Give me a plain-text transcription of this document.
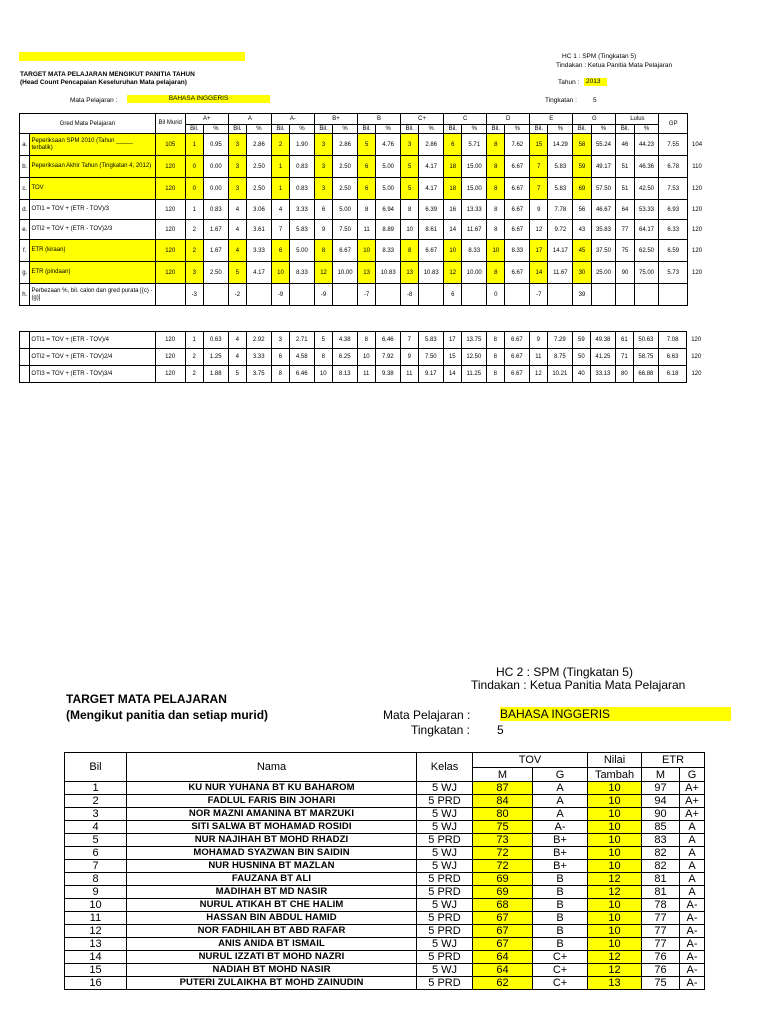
HC 1 : SPM (Tingkatan 5)
Tindakan : Ketua Panitia Mata Pelajaran
TARGET MATA PELAJARAN MENGIKUT PANITIA TAHUN
(Head Count Pencapaian Keseluruhan Mata pelajaran)	Tahun :	2013
Mata Pelajaran :	BAHASA INGGERIS	Tingkatan : 5
Gred Mata Pelajaran		Bil Murid	A+		A		A-		B+		B		C+		C		D		E		G		Lulus		GP	
			Bil.	%	Bil.	%	Bil.	%	Bil.	%	Bil.	%	Bil.	%	Bil.	%	Bil.	%	Bil.	%	Bil.	%	Bil.	%		
a.	Peperiksaan SPM 2010 (Tahun _____ terbalik)	105	1	0.95	3	2.86	2	1.90	3	2.86	5	4.76	3	2.86	6	5.71	8	7.62	15	14.29	58	55.24	46	44.23	7.55	104
b.	Peperiksaan Akhir Tahun (Tingkatan 4, 2012)	120	0	0.00	3	2.50	1	0.83	3	2.50	6	5.00	5	4.17	18	15.00	8	6.67	7	5.83	59	49.17	51	46.36	6.78	110
c.	TOV	120	0	0.00	3	2.50	1	0.83	3	2.50	6	5.00	5	4.17	18	15.00	8	6.67	7	5.83	69	57.50	51	42.50	7.53	120
d.	OTI1 = TOV + (ETR - TOV)/3	120	1	0.83	4	3.06	4	3.33	6	5.00	8	6.94	8	6.39	16	13.33	8	6.67	9	7.78	56	46.67	64	53.33	6.93	120
e.	OTI2 = TOV + (ETR - TOV)2/3	120	2	1.67	4	3.61	7	5.83	9	7.50	11	8.89	10	8.61	14	11.67	8	6.67	12	9.72	43	35.83	77	64.17	6.33	120
f.	ETR (kiraan)	120	2	1.67	4	3.33	6	5.00	8	6.67	10	8.33	8	6.67	10	8.33	10	8.33	17	14.17	45	37.50	75	62.50	6.59	120
g.	ETR (pindaan)	120	3	2.50	5	4.17	10	8.33	12	10.00	13	10.83	13	10.83	12	10.00	8	6.67	14	11.67	30	25.00	90	75.00	5.73	120
h.	Perbezaan %, bil. calon dan gred purata [(c) - (g)]		-3		-2		-9		-9		-7		-8		6		0		-7		39					
	OTI1 = TOV + (ETR - TOV)/4	120	1	0.63	4	2.92	3	2.71	5	4.38	8	6.46	7	5.83	17	13.75	8	6.67	9	7.29	59	49.38	61	50.63	7.08	120
	OTI2 = TOV + (ETR - TOV)2/4	120	2	1.25	4	3.33	6	4.58	8	6.25	10	7.92	9	7.50	15	12.50	8	6.67	11	8.75	50	41.25	71	58.75	6.63	120
	OTI3 = TOV + (ETR - TOV)3/4	120	2	1.88	5	3.75	8	6.46	10	8.13	11	9.38	11	9.17	14	11.25	8	6.67	12	10.21	40	33.13	80	66.88	6.18	120
HC 2 : SPM (Tingkatan 5)
Tindakan : Ketua Panitia Mata Pelajaran
TARGET MATA PELAJARAN
(Mengikut panitia dan setiap murid)	Mata Pelajaran : BAHASA INGGERIS
Tingkatan : 5
Bil	Nama	Kelas	TOV		Nilai	ETR	
			M	G	Tambah	M	G
1	KU NUR YUHANA BT KU BAHAROM	5 WJ	87	A	10	97	A+
2	FADLUL FARIS BIN JOHARI	5 PRD	84	A	10	94	A+
3	NOR MAZNI AMANINA BT MARZUKI	5 WJ	80	A	10	90	A+
4	SITI SALWA BT MOHAMAD ROSIDI	5 WJ	75	A-	10	85	A
5	NUR NAJIHAH BT MOHD RHADZI	5 PRD	73	B+	10	83	A
6	MOHAMAD SYAZWAN BIN SAIDIN	5 WJ	72	B+	10	82	A
7	NUR HUSNINA BT MAZLAN	5 WJ	72	B+	10	82	A
8	FAUZANA BT ALI	5 PRD	69	B	12	81	A
9	MADIHAH BT MD NASIR	5 PRD	69	B	12	81	A
10	NURUL ATIKAH BT CHE HALIM	5 WJ	68	B	10	78	A-
11	HASSAN BIN ABDUL HAMID	5 PRD	67	B	10	77	A-
12	NOR FADHILAH BT ABD RAFAR	5 PRD	67	B	10	77	A-
13	ANIS ANIDA BT ISMAIL	5 WJ	67	B	10	77	A-
14	NURUL IZZATI BT MOHD NAZRI	5 PRD	64	C+	12	76	A-
15	NADIAH BT MOHD NASIR	5 WJ	64	C+	12	76	A-
16	PUTERI ZULAIKHA BT MOHD ZAINUDIN	5 PRD	62	C+	13	75	A-
